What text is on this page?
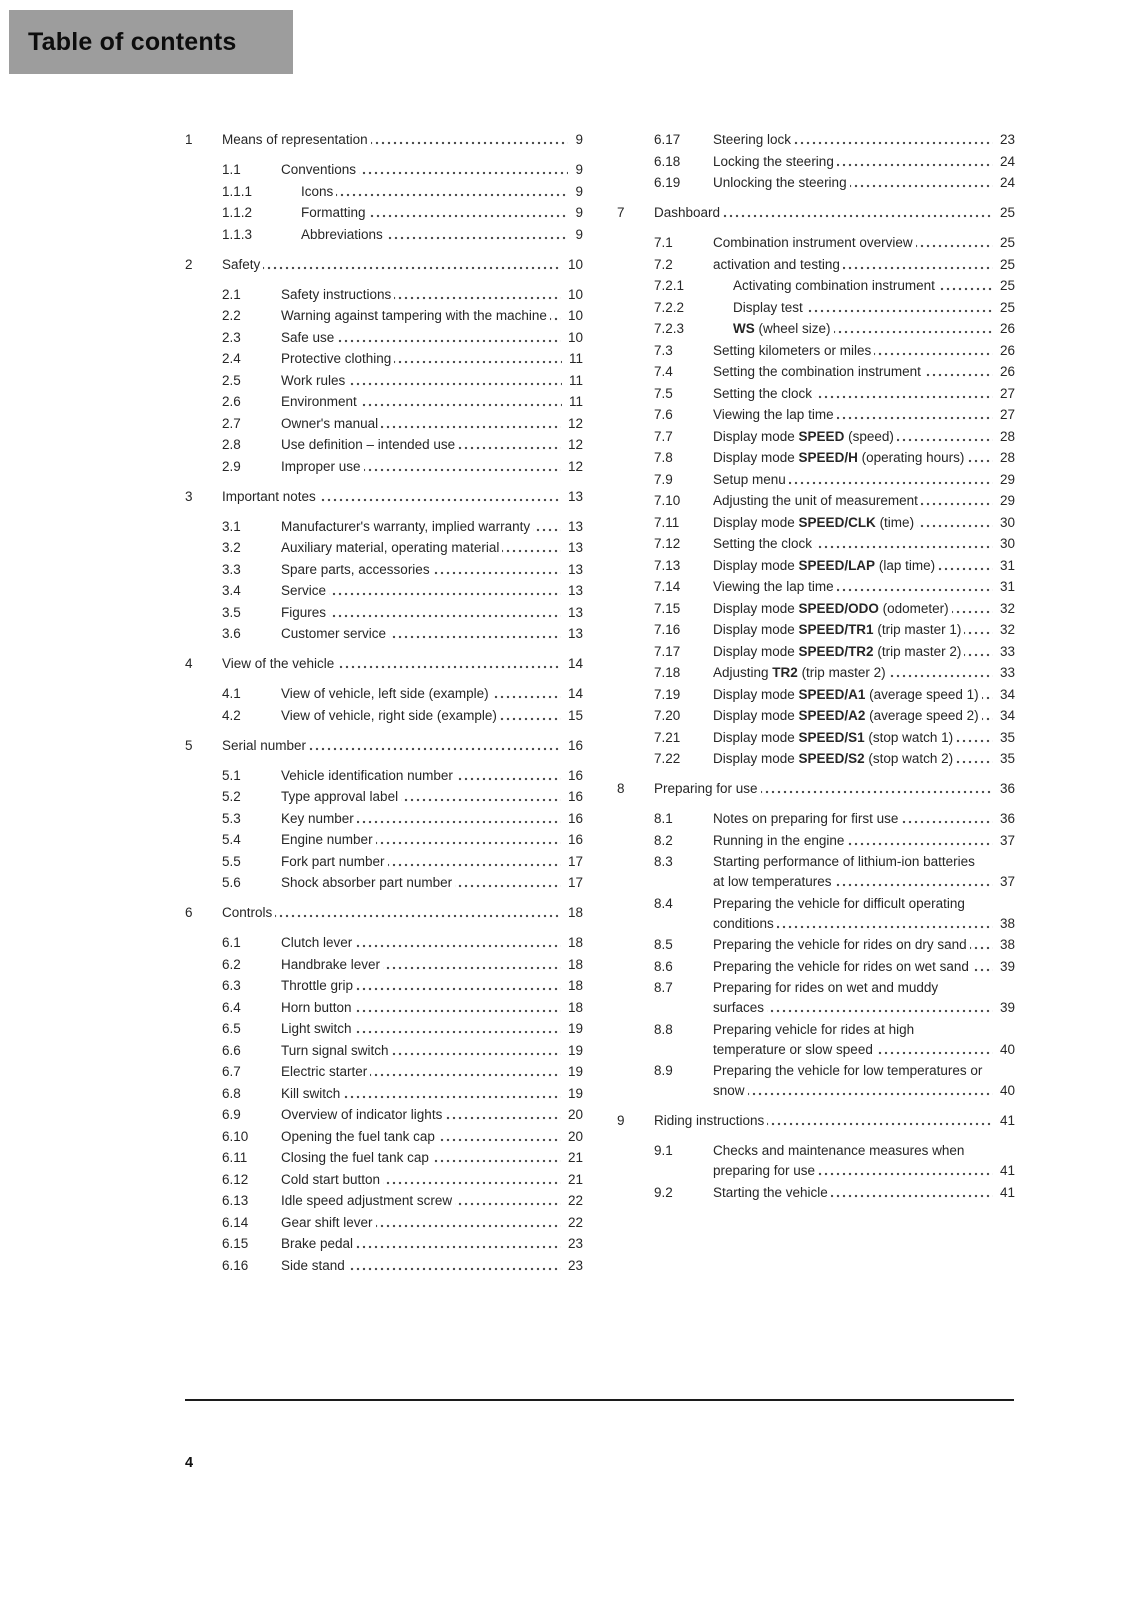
Table of contents
1	Means of representation	9
1.1	Conventions	9
1.1.1	Icons	9
1.1.2	Formatting	9
1.1.3	Abbreviations	9
2	Safety	10
2.1	Safety instructions	10
2.2	Warning against tampering with the machine	10
2.3	Safe use	10
2.4	Protective clothing	11
2.5	Work rules	11
2.6	Environment	11
2.7	Owner's manual	12
2.8	Use definition – intended use	12
2.9	Improper use	12
3	Important notes	13
3.1	Manufacturer's warranty, implied warranty	13
3.2	Auxiliary material, operating material	13
3.3	Spare parts, accessories	13
3.4	Service	13
3.5	Figures	13
3.6	Customer service	13
4	View of the vehicle	14
4.1	View of vehicle, left side (example)	14
4.2	View of vehicle, right side (example)	15
5	Serial number	16
5.1	Vehicle identification number	16
5.2	Type approval label	16
5.3	Key number	16
5.4	Engine number	16
5.5	Fork part number	17
5.6	Shock absorber part number	17
6	Controls	18
6.1	Clutch lever	18
6.2	Handbrake lever	18
6.3	Throttle grip	18
6.4	Horn button	18
6.5	Light switch	19
6.6	Turn signal switch	19
6.7	Electric starter	19
6.8	Kill switch	19
6.9	Overview of indicator lights	20
6.10	Opening the fuel tank cap	20
6.11	Closing the fuel tank cap	21
6.12	Cold start button	21
6.13	Idle speed adjustment screw	22
6.14	Gear shift lever	22
6.15	Brake pedal	23
6.16	Side stand	23
6.17	Steering lock	23
6.18	Locking the steering	24
6.19	Unlocking the steering	24
7	Dashboard	25
7.1	Combination instrument overview	25
7.2	activation and testing	25
7.2.1	Activating combination instrument	25
7.2.2	Display test	25
7.2.3	WS (wheel size)	26
7.3	Setting kilometers or miles	26
7.4	Setting the combination instrument	26
7.5	Setting the clock	27
7.6	Viewing the lap time	27
7.7	Display mode SPEED (speed)	28
7.8	Display mode SPEED/H (operating hours)	28
7.9	Setup menu	29
7.10	Adjusting the unit of measurement	29
7.11	Display mode SPEED/CLK (time)	30
7.12	Setting the clock	30
7.13	Display mode SPEED/LAP (lap time)	31
7.14	Viewing the lap time	31
7.15	Display mode SPEED/ODO (odometer)	32
7.16	Display mode SPEED/TR1 (trip master 1)	32
7.17	Display mode SPEED/TR2 (trip master 2)	33
7.18	Adjusting TR2 (trip master 2)	33
7.19	Display mode SPEED/A1 (average speed 1)	34
7.20	Display mode SPEED/A2 (average speed 2)	34
7.21	Display mode SPEED/S1 (stop watch 1)	35
7.22	Display mode SPEED/S2 (stop watch 2)	35
8	Preparing for use	36
8.1	Notes on preparing for first use	36
8.2	Running in the engine	37
8.3	Starting performance of lithium-ion batteries at low temperatures	37
8.4	Preparing the vehicle for difficult operating conditions	38
8.5	Preparing the vehicle for rides on dry sand	38
8.6	Preparing the vehicle for rides on wet sand	39
8.7	Preparing for rides on wet and muddy surfaces	39
8.8	Preparing vehicle for rides at high temperature or slow speed	40
8.9	Preparing the vehicle for low temperatures or snow	40
9	Riding instructions	41
9.1	Checks and maintenance measures when preparing for use	41
9.2	Starting the vehicle	41
4
